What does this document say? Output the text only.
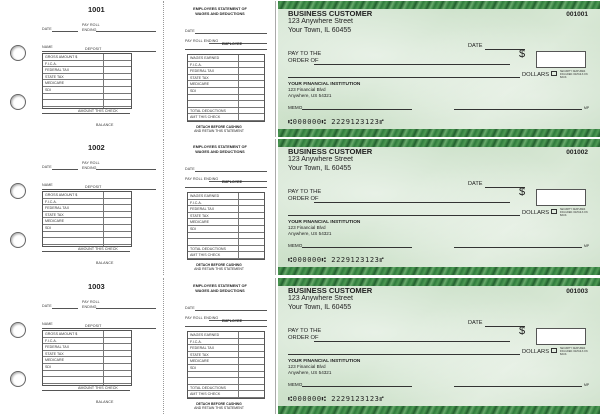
1001
DATE
PAY ROLL
ENDING
NAME	DEPOSIT
GROSS AMOUNT $
F.I.C.A.
FEDERAL TAX
STATE TAX
MEDICARE
SDI
AMOUNT THIS CHECK
BALANCE
EMPLOYEES STATEMENT OF
WAGES AND DEDUCTIONS
DATE
PAY ROLL ENDING
EMPLOYEE
WAGES EARNED
F.I.C.A.
FEDERAL TAX
STATE TAX
MEDICARE
SDI
TOTAL DEDUCTIONS
AMT THIS CHECK
DETACH BEFORE CASHING
AND RETAIN THIS STATEMENT
BUSINESS CUSTOMER
123 Anywhere Street
Your Town, IL 60455
001001
DATE
PAY TO THE
ORDER OF
$
DOLLARS
SECURITY FEATURES INCLUDED. DETAILS ON BACK.
YOUR FINANCIAL INSTITUTION
123 Financial Blvd
Anywhere, US 54321
MEMO	MP
⑆000000⑆ 2229123123⑈
1002
DATE
PAY ROLL
ENDING
NAME	DEPOSIT
GROSS AMOUNT $
F.I.C.A.
FEDERAL TAX
STATE TAX
MEDICARE
SDI
AMOUNT THIS CHECK
BALANCE
EMPLOYEES STATEMENT OF
WAGES AND DEDUCTIONS
DATE
PAY ROLL ENDING
EMPLOYEE
WAGES EARNED
F.I.C.A.
FEDERAL TAX
STATE TAX
MEDICARE
SDI
TOTAL DEDUCTIONS
AMT THIS CHECK
DETACH BEFORE CASHING
AND RETAIN THIS STATEMENT
BUSINESS CUSTOMER
123 Anywhere Street
Your Town, IL 60455
001002
DATE
PAY TO THE
ORDER OF
$
DOLLARS
SECURITY FEATURES INCLUDED. DETAILS ON BACK.
YOUR FINANCIAL INSTITUTION
123 Financial Blvd
Anywhere, US 54321
MEMO	MP
⑆000000⑆ 2229123123⑈
1003
DATE
PAY ROLL
ENDING
NAME	DEPOSIT
GROSS AMOUNT $
F.I.C.A.
FEDERAL TAX
STATE TAX
MEDICARE
SDI
AMOUNT THIS CHECK
BALANCE
EMPLOYEES STATEMENT OF
WAGES AND DEDUCTIONS
DATE
PAY ROLL ENDING
EMPLOYEE
WAGES EARNED
F.I.C.A.
FEDERAL TAX
STATE TAX
MEDICARE
SDI
TOTAL DEDUCTIONS
AMT THIS CHECK
DETACH BEFORE CASHING
AND RETAIN THIS STATEMENT
BUSINESS CUSTOMER
123 Anywhere Street
Your Town, IL 60455
001003
DATE
PAY TO THE
ORDER OF
$
DOLLARS
SECURITY FEATURES INCLUDED. DETAILS ON BACK.
YOUR FINANCIAL INSTITUTION
123 Financial Blvd
Anywhere, US 54321
MEMO	MP
⑆000000⑆ 2229123123⑈
